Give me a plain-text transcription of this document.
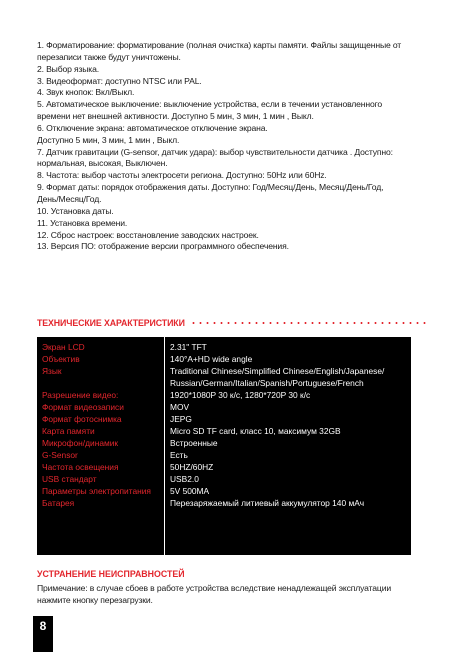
1. Форматирование: форматирование (полная очистка) карты памяти. Файлы защищенные от
перезаписи также будут уничтожены.
2. Выбор языка.
3. Видеоформат: доступно NTSC или PAL.
4. Звук кнопок: Вкл/Выкл.
5. Автоматическое выключение: выключение устройства, если в течении установленного
времени нет внешней активности. Доступно 5 мин, 3 мин, 1 мин , Выкл.
6. Отключение экрана: автоматическое отключение экрана.
Доступно 5 мин, 3 мин, 1 мин , Выкл.
7. Датчик гравитации (G-sensor, датчик удара): выбор чувствительности датчика . Доступно:
нормальная, высокая, Выключен.
8. Частота: выбор частоты электросети региона. Доступно: 50Hz или 60Hz.
9. Формат даты: порядок отображения даты. Доступно: Год/Месяц/День, Месяц/День/Год,
День/Месяц/Год.
10. Установка даты.
11. Установка времени.
12. Сброс настроек: восстановление заводских настроек.
13. Версия ПО: отображение версии программного обеспечения.
ТЕХНИЧЕСКИЕ ХАРАКТЕРИСТИКИ
Экран LCD	2.31" TFT
Объектив	140°A+HD wide angle
Язык	Traditional Chinese/Simplified Chinese/English/Japanese/ Russian/German/Italian/Spanish/Portuguese/French
Разрешение видео:	1920*1080P 30 к/с, 1280*720P 30 к/с
Формат видеозаписи	MOV
Формат фотоснимка	JEPG
Карта памяти	Micro SD TF card, класс 10, максимум 32GB
Микрофон/динамик	Встроенные
G-Sensor	Есть
Частота освещения	50HZ/60HZ
USB стандарт	USB2.0
Параметры электропитания 5V 500MA
Батарея	Перезаряжаемый литиевый аккумулятор 140 мАч
УСТРАНЕНИЕ НЕИСПРАВНОСТЕЙ
Примечание: в случае сбоев в работе устройства вследствие ненадлежащей эксплуатации нажмите кнопку перезагрузки.
8
